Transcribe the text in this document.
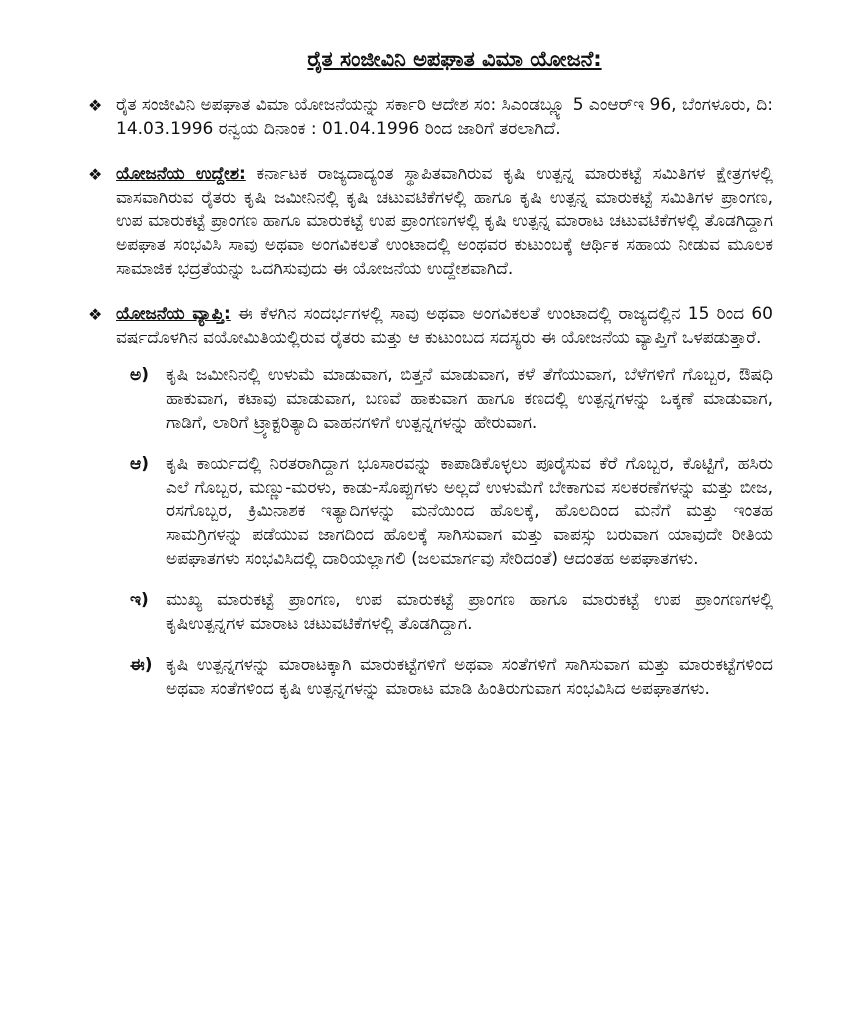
ರೈತ ಸಂಜೀವಿನಿ ಅಪಘಾತ ವಿಮಾ ಯೋಜನೆ:
❖ ರೈತ ಸಂಜೀವಿನಿ ಅಪಘಾತ ವಿಮಾ ಯೋಜನೆಯನ್ನು ಸರ್ಕಾರಿ ಆದೇಶ ಸಂ: ಸಿಎಂಡಬ್ಲ್ಯೂ 5 ಎಂಆರ್‌ಇ 96, ಬೆಂಗಳೂರು, ದಿ: 14.03.1996 ರನ್ವಯ ದಿನಾಂಕ : 01.04.1996 ರಿಂದ ಜಾರಿಗೆ ತರಲಾಗಿದೆ.
❖ ಯೋಜನೆಯ ಉದ್ದೇಶ: ಕರ್ನಾಟಕ ರಾಜ್ಯದಾದ್ಯಂತ ಸ್ಥಾಪಿತವಾಗಿರುವ ಕೃಷಿ ಉತ್ಪನ್ನ ಮಾರುಕಟ್ಟೆ ಸಮಿತಿಗಳ ಕ್ಷೇತ್ರಗಳಲ್ಲಿ ವಾಸವಾಗಿರುವ ರೈತರು ಕೃಷಿ ಜಮೀನಿನಲ್ಲಿ ಕೃಷಿ ಚಟುವಟಿಕೆಗಳಲ್ಲಿ ಹಾಗೂ ಕೃಷಿ ಉತ್ಪನ್ನ ಮಾರುಕಟ್ಟೆ ಸಮಿತಿಗಳ ಪ್ರಾಂಗಣ, ಉಪ ಮಾರುಕಟ್ಟೆ ಪ್ರಾಂಗಣ ಹಾಗೂ ಮಾರುಕಟ್ಟೆ ಉಪ ಪ್ರಾಂಗಣಗಳಲ್ಲಿ ಕೃಷಿ ಉತ್ಪನ್ನ ಮಾರಾಟ ಚಟುವಟಿಕೆಗಳಲ್ಲಿ ತೊಡಗಿದ್ದಾಗ ಅಪಘಾತ ಸಂಭವಿಸಿ ಸಾವು ಅಥವಾ ಅಂಗವಿಕಲತೆ ಉಂಟಾದಲ್ಲಿ ಅಂಥವರ ಕುಟುಂಬಕ್ಕೆ ಆರ್ಥಿಕ ಸಹಾಯ ನೀಡುವ ಮೂಲಕ ಸಾಮಾಜಿಕ ಭದ್ರತೆಯನ್ನು ಒದಗಿಸುವುದು ಈ ಯೋಜನೆಯ ಉದ್ದೇಶವಾಗಿದೆ.
❖ ಯೋಜನೆಯ ವ್ಯಾಪ್ತಿ: ಈ ಕೆಳಗಿನ ಸಂದರ್ಭಗಳಲ್ಲಿ ಸಾವು ಅಥವಾ ಅಂಗವಿಕಲತೆ ಉಂಟಾದಲ್ಲಿ ರಾಜ್ಯದಲ್ಲಿನ 15 ರಿಂದ 60 ವರ್ಷದೊಳಗಿನ ವಯೋಮಿತಿಯಲ್ಲಿರುವ ರೈತರು ಮತ್ತು ಆ ಕುಟುಂಬದ ಸದಸ್ಯರು ಈ ಯೋಜನೆಯ ವ್ಯಾಪ್ತಿಗೆ ಒಳಪಡುತ್ತಾರೆ.
ಅ) ಕೃಷಿ ಜಮೀನಿನಲ್ಲಿ ಉಳುಮೆ ಮಾಡುವಾಗ, ಬಿತ್ತನೆ ಮಾಡುವಾಗ, ಕಳೆ ತೆಗೆಯುವಾಗ, ಬೆಳೆಗಳಿಗೆ ಗೊಬ್ಬರ, ಔಷಧಿ ಹಾಕುವಾಗ, ಕಟಾವು ಮಾಡುವಾಗ, ಬಣವೆ ಹಾಕುವಾಗ ಹಾಗೂ ಕಣದಲ್ಲಿ ಉತ್ಪನ್ನಗಳನ್ನು ಒಕ್ಕಣೆ ಮಾಡುವಾಗ, ಗಾಡಿಗೆ, ಲಾರಿಗೆ ಟ್ರ್ಯಾಕ್ಟರಿತ್ಯಾದಿ ವಾಹನಗಳಿಗೆ ಉತ್ಪನ್ನಗಳನ್ನು ಹೇರುವಾಗ.
ಆ) ಕೃಷಿ ಕಾರ್ಯದಲ್ಲಿ ನಿರತರಾಗಿದ್ದಾಗ ಭೂಸಾರವನ್ನು ಕಾಪಾಡಿಕೊಳ್ಳಲು ಪೂರೈಸುವ ಕೆರೆ ಗೊಬ್ಬರ, ಕೊಟ್ಟಿಗೆ, ಹಸಿರು ಎಲೆ ಗೊಬ್ಬರ, ಮಣ್ಣು-ಮರಳು, ಕಾಡು-ಸೊಪ್ಪುಗಳು ಅಲ್ಲದೆ ಉಳುಮೆಗೆ ಬೇಕಾಗುವ ಸಲಕರಣೆಗಳನ್ನು ಮತ್ತು ಬೀಜ, ರಸಗೊಬ್ಬರ, ಕ್ರಿಮಿನಾಶಕ ಇತ್ಯಾದಿಗಳನ್ನು ಮನೆಯಿಂದ ಹೊಲಕ್ಕೆ, ಹೊಲದಿಂದ ಮನೆಗೆ ಮತ್ತು ಇಂತಹ ಸಾಮಗ್ರಿಗಳನ್ನು ಪಡೆಯುವ ಜಾಗದಿಂದ ಹೊಲಕ್ಕೆ ಸಾಗಿಸುವಾಗ ಮತ್ತು ವಾಪಸ್ಸು ಬರುವಾಗ ಯಾವುದೇ ರೀತಿಯ ಅಪಘಾತಗಳು ಸಂಭವಿಸಿದಲ್ಲಿ ದಾರಿಯಲ್ಲಾಗಲಿ (ಜಲಮಾರ್ಗವು ಸೇರಿದಂತೆ) ಆದಂತಹ ಅಪಘಾತಗಳು.
ಇ) ಮುಖ್ಯ ಮಾರುಕಟ್ಟೆ ಪ್ರಾಂಗಣ, ಉಪ ಮಾರುಕಟ್ಟೆ ಪ್ರಾಂಗಣ ಹಾಗೂ ಮಾರುಕಟ್ಟೆ ಉಪ ಪ್ರಾಂಗಣಗಳಲ್ಲಿ ಕೃಷಿಉತ್ಪನ್ನಗಳ ಮಾರಾಟ ಚಟುವಟಿಕೆಗಳಲ್ಲಿ ತೊಡಗಿದ್ದಾಗ.
ಈ) ಕೃಷಿ ಉತ್ಪನ್ನಗಳನ್ನು ಮಾರಾಟಕ್ಕಾಗಿ ಮಾರುಕಟ್ಟೆಗಳಿಗೆ ಅಥವಾ ಸಂತೆಗಳಿಗೆ ಸಾಗಿಸುವಾಗ ಮತ್ತು ಮಾರುಕಟ್ಟೆಗಳಿಂದ ಅಥವಾ ಸಂತೆಗಳಿಂದ ಕೃಷಿ ಉತ್ಪನ್ನಗಳನ್ನು ಮಾರಾಟ ಮಾಡಿ ಹಿಂತಿರುಗುವಾಗ ಸಂಭವಿಸಿದ ಅಪಘಾತಗಳು.
